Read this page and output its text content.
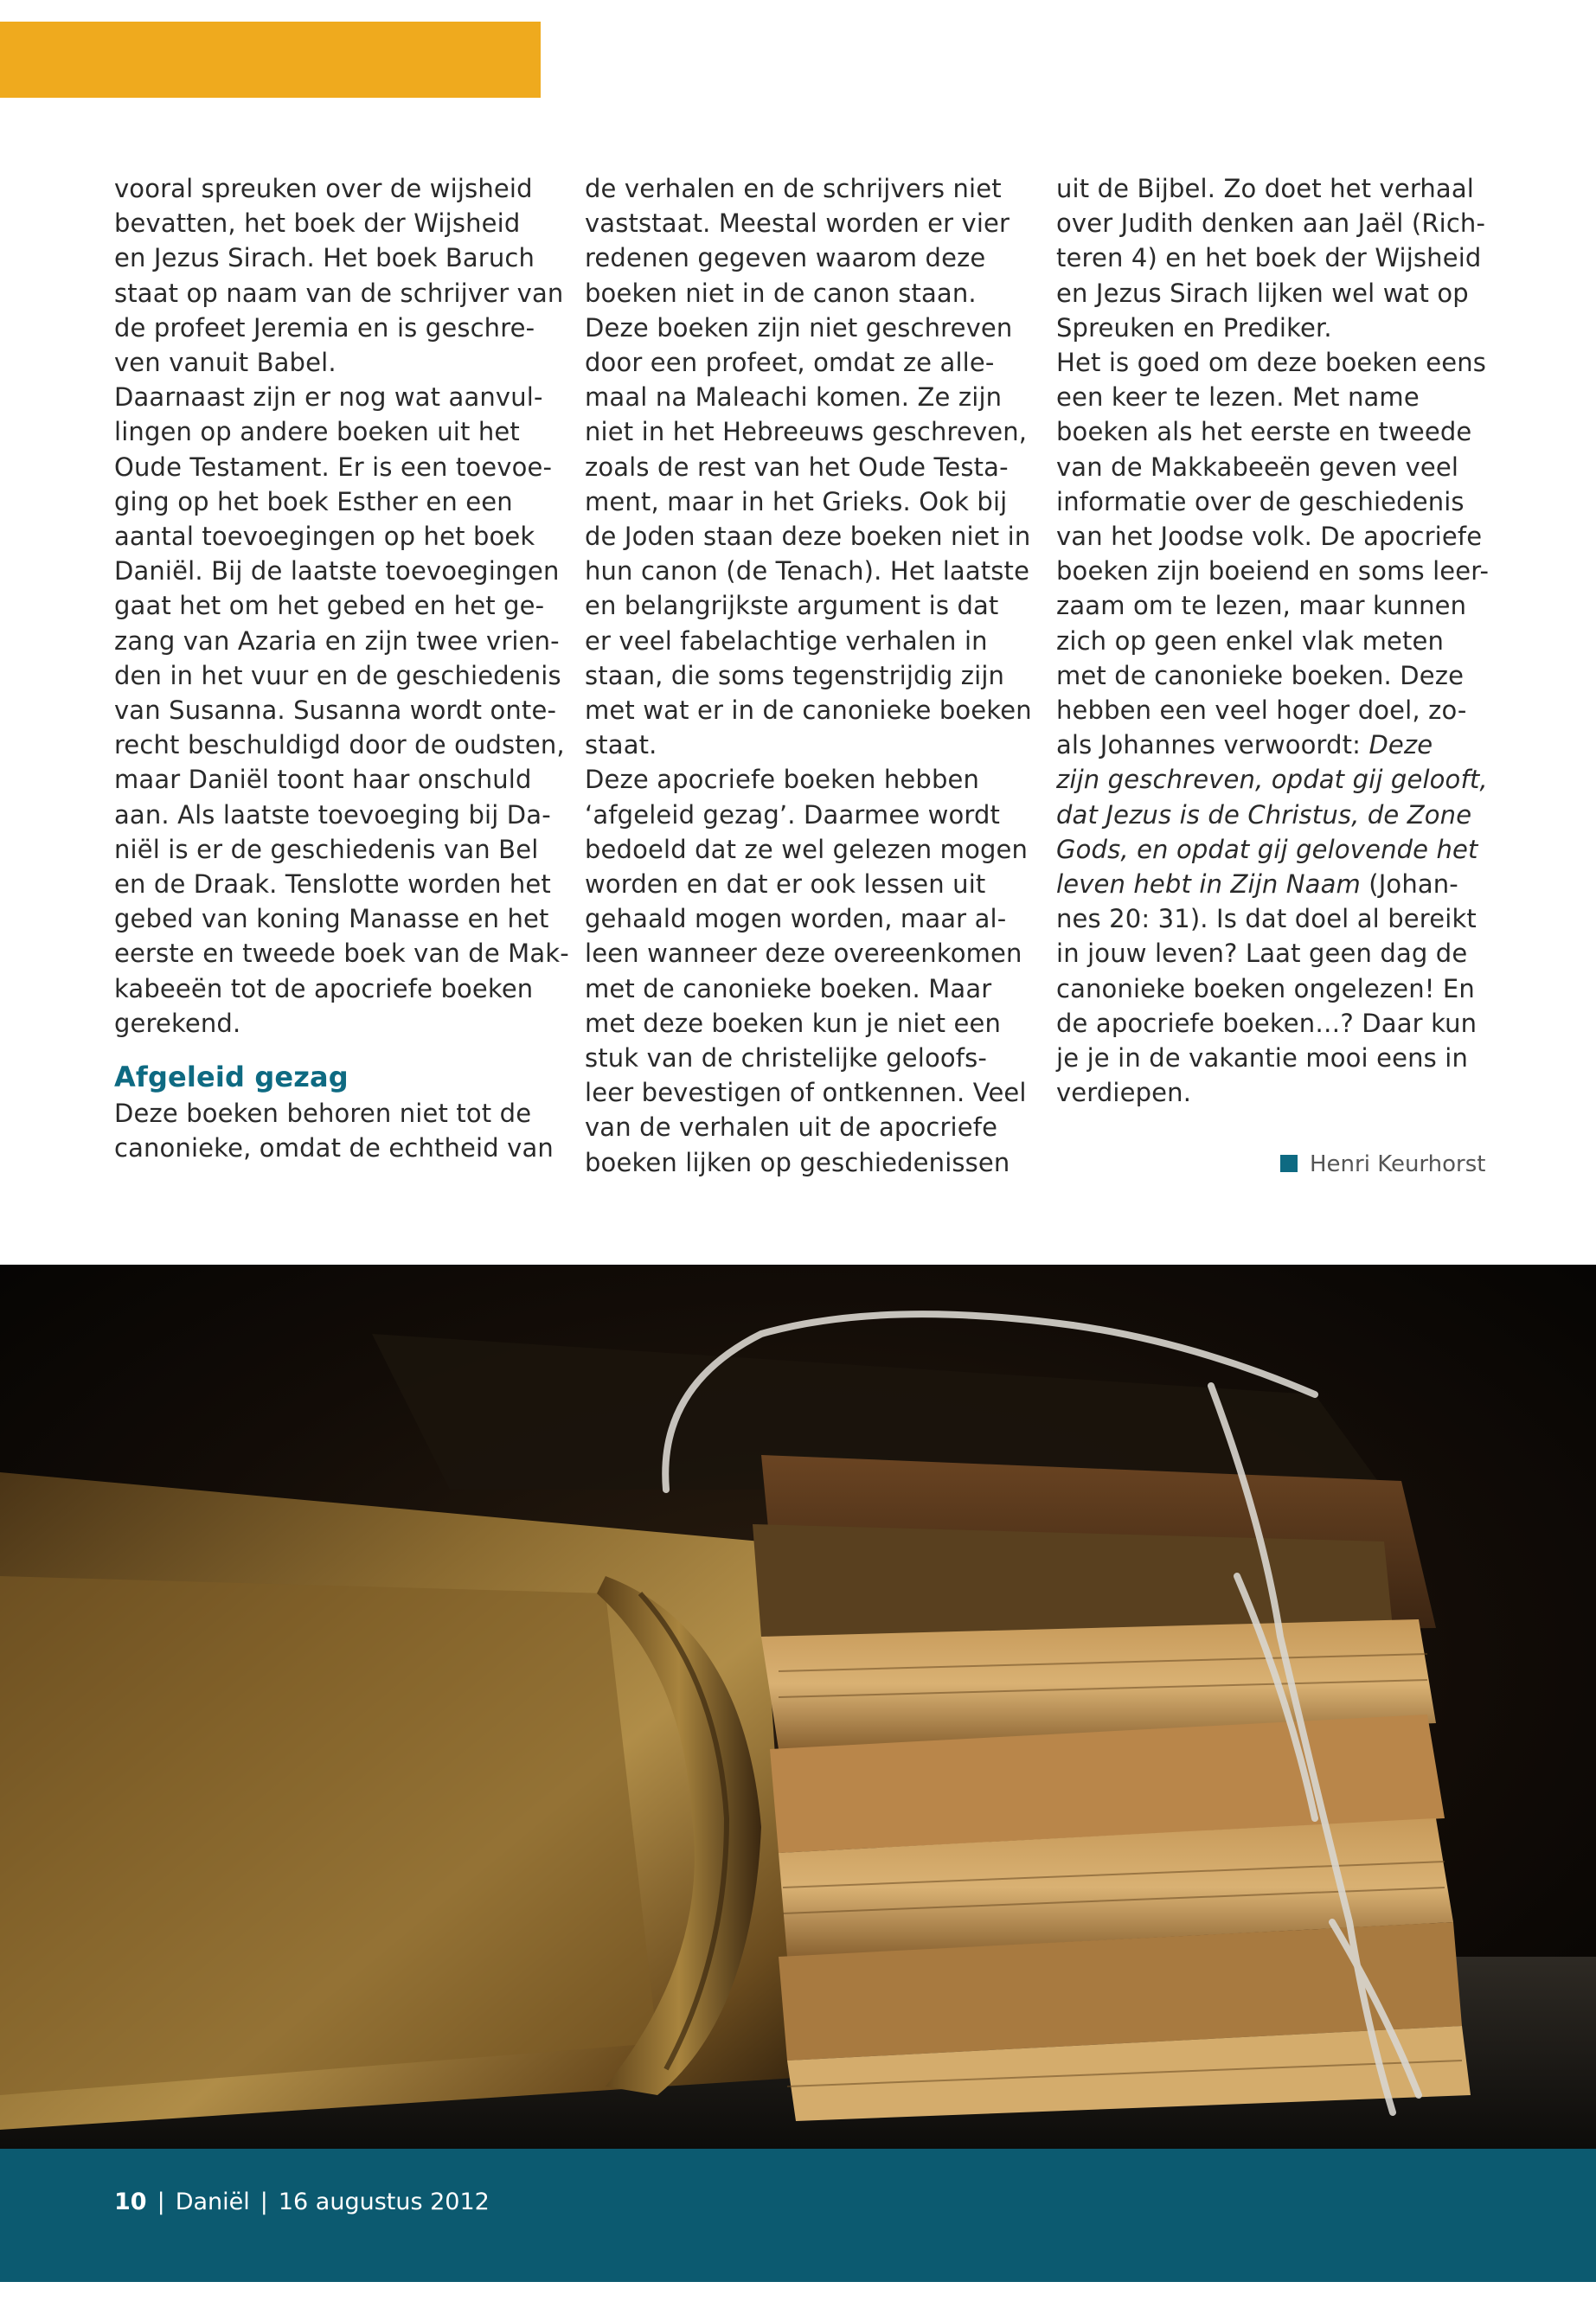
vooral spreuken over de wijsheid
bevatten, het boek der Wijsheid
en Jezus Sirach. Het boek Baruch
staat op naam van de schrijver van
de profeet Jeremia en is geschre-
ven vanuit Babel.
Daarnaast zijn er nog wat aanvul-
lingen op andere boeken uit het
Oude Testament. Er is een toevoe-
ging op het boek Esther en een
aantal toevoegingen op het boek
Daniël. Bij de laatste toevoegingen
gaat het om het gebed en het ge-
zang van Azaria en zijn twee vrien-
den in het vuur en de geschiedenis
van Susanna. Susanna wordt onte-
recht beschuldigd door de oudsten,
maar Daniël toont haar onschuld
aan. Als laatste toevoeging bij Da-
niël is er de geschiedenis van Bel
en de Draak. Tenslotte worden het
gebed van koning Manasse en het
eerste en tweede boek van de Mak-
kabeeën tot de apocriefe boeken
gerekend.
Afgeleid gezag
Deze boeken behoren niet tot de
canonieke, omdat de echtheid van
de verhalen en de schrijvers niet
vaststaat. Meestal worden er vier
redenen gegeven waarom deze
boeken niet in de canon staan.
Deze boeken zijn niet geschreven
door een profeet, omdat ze alle-
maal na Maleachi komen. Ze zijn
niet in het Hebreeuws geschreven,
zoals de rest van het Oude Testa-
ment, maar in het Grieks. Ook bij
de Joden staan deze boeken niet in
hun canon (de Tenach). Het laatste
en belangrijkste argument is dat
er veel fabelachtige verhalen in
staan, die soms tegenstrijdig zijn
met wat er in de canonieke boeken
staat.
Deze apocriefe boeken hebben
‘afgeleid gezag’. Daarmee wordt
bedoeld dat ze wel gelezen mogen
worden en dat er ook lessen uit
gehaald mogen worden, maar al-
leen wanneer deze overeenkomen
met de canonieke boeken. Maar
met deze boeken kun je niet een
stuk van de christelijke geloofs-
leer bevestigen of ontkennen. Veel
van de verhalen uit de apocriefe
boeken lijken op geschiedenissen
uit de Bijbel. Zo doet het verhaal
over Judith denken aan Jaël (Rich-
teren 4) en het boek der Wijsheid
en Jezus Sirach lijken wel wat op
Spreuken en Prediker.
Het is goed om deze boeken eens
een keer te lezen. Met name
boeken als het eerste en tweede
van de Makkabeeën geven veel
informatie over de geschiedenis
van het Joodse volk. De apocriefe
boeken zijn boeiend en soms leer-
zaam om te lezen, maar kunnen
zich op geen enkel vlak meten
met de canonieke boeken. Deze
hebben een veel hoger doel, zo-
als Johannes verwoordt: Deze
zijn geschreven, opdat gij gelooft,
dat Jezus is de Christus, de Zone
Gods, en opdat gij gelovende het
leven hebt in Zijn Naam (Johan-
nes 20: 31). Is dat doel al bereikt
in jouw leven? Laat geen dag de
canonieke boeken ongelezen! En
de apocriefe boeken…? Daar kun
je je in de vakantie mooi eens in
verdiepen.
Henri Keurhorst
10 | Daniël | 16 augustus 2012
